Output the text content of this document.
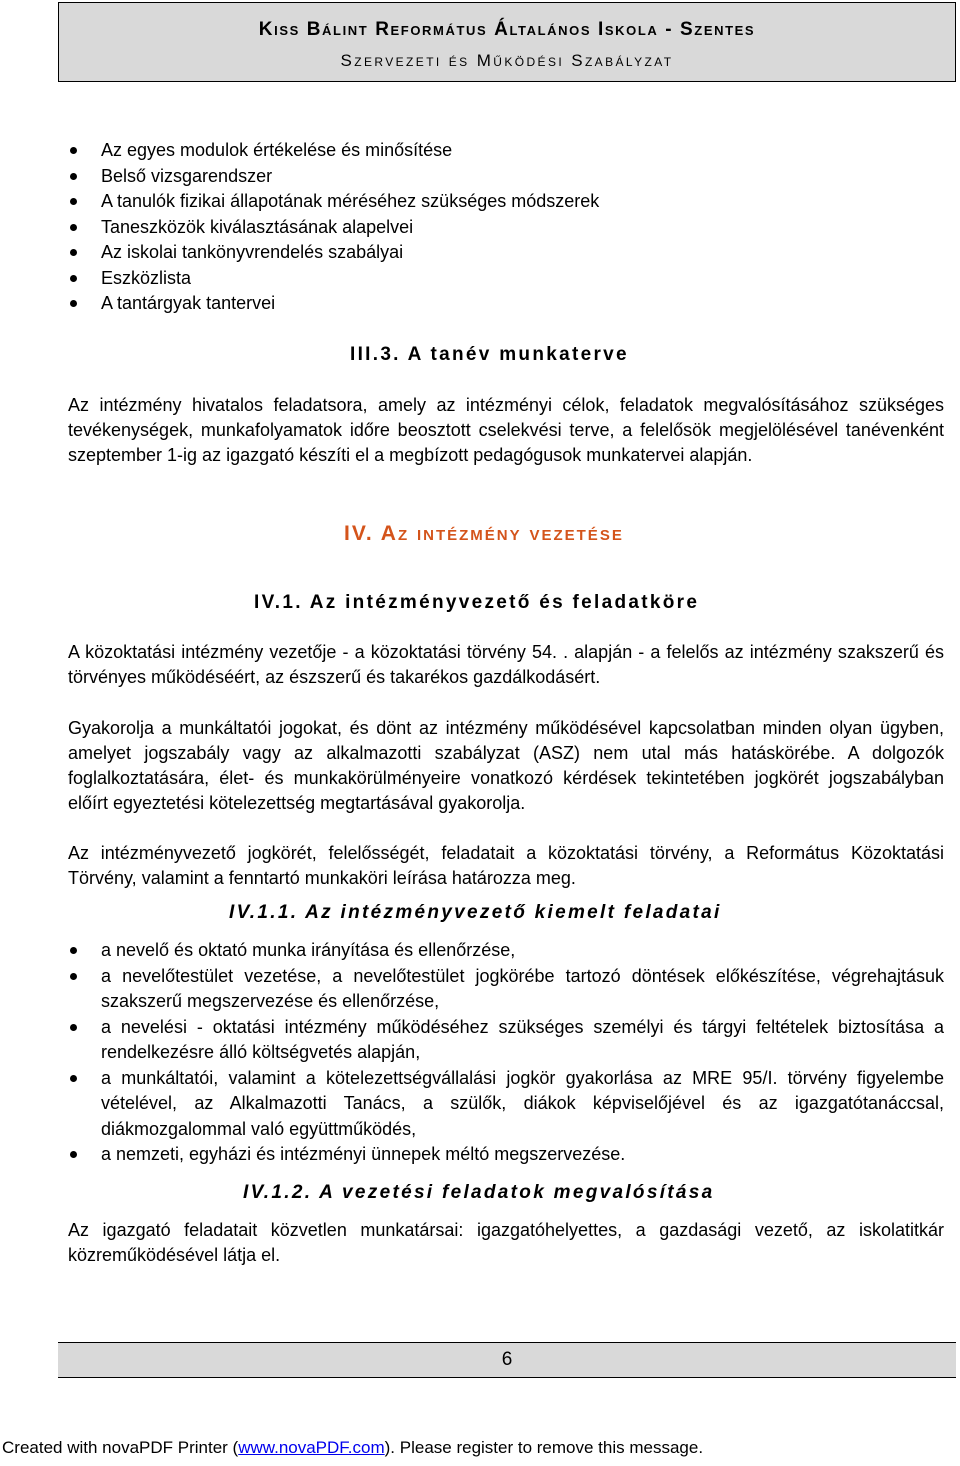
Kiss Bálint Református Általános Iskola - Szentes
Szervezeti és Működési Szabályzat
Az egyes modulok értékelése és minősítése
Belső vizsgarendszer
A tanulók fizikai állapotának méréséhez szükséges módszerek
Taneszközök kiválasztásának alapelvei
Az iskolai tankönyvrendelés szabályai
Eszközlista
A tantárgyak tantervei
III.3. A tanév munkaterve

Az intézmény hivatalos feladatsora, amely az intézményi célok, feladatok megvalósításához szükséges tevékenységek, munkafolyamatok időre beosztott cselekvési terve, a felelősök megjelölésével tanévenként szeptember 1-ig az igazgató készíti el a megbízott pedagógusok munkatervei alapján.

IV. Az intézmény vezetése
IV.1. Az intézményvezető és feladatköre

A közoktatási intézmény vezetője - a közoktatási törvény 54. . alapján - a felelős az intézmény szakszerű és törvényes működéséért, az észszerű és takarékos gazdálkodásért.

Gyakorolja a munkáltatói jogokat, és dönt az intézmény működésével kapcsolatban minden olyan ügyben, amelyet jogszabály vagy az alkalmazotti szabályzat (ASZ) nem utal más hatáskörébe. A dolgozók foglalkoztatására, élet- és munkakörülményeire vonatkozó kérdések tekintetében jogkörét jogszabályban előírt egyeztetési kötelezettség megtartásával gyakorolja.

Az intézményvezető jogkörét, felelősségét, feladatait a közoktatási törvény, a Református Közoktatási Törvény, valamint a fenntartó munkaköri leírása határozza meg.

IV.1.1. Az intézményvezető kiemelt feladatai
a nevelő és oktató munka irányítása és ellenőrzése,
a nevelőtestület vezetése, a nevelőtestület jogkörébe tartozó döntések előkészítése, végrehajtásuk szakszerű megszervezése és ellenőrzése,
a nevelési - oktatási intézmény működéséhez szükséges személyi és tárgyi feltételek biztosítása a rendelkezésre álló költségvetés alapján,
a munkáltatói, valamint a kötelezettségvállalási jogkör gyakorlása az MRE 95/I. törvény figyelembe vételével, az Alkalmazotti Tanács, a szülők, diákok képviselőjével és az igazgatótanáccsal, diákmozgalommal való együttműködés,
a nemzeti, egyházi és intézményi ünnepek méltó megszervezése.
IV.1.2. A vezetési feladatok megvalósítása

Az igazgató feladatait közvetlen munkatársai: igazgatóhelyettes, a gazdasági vezető, az iskolatitkár közreműködésével látja el.

6
Created with novaPDF Printer (www.novaPDF.com). Please register to remove this message.
